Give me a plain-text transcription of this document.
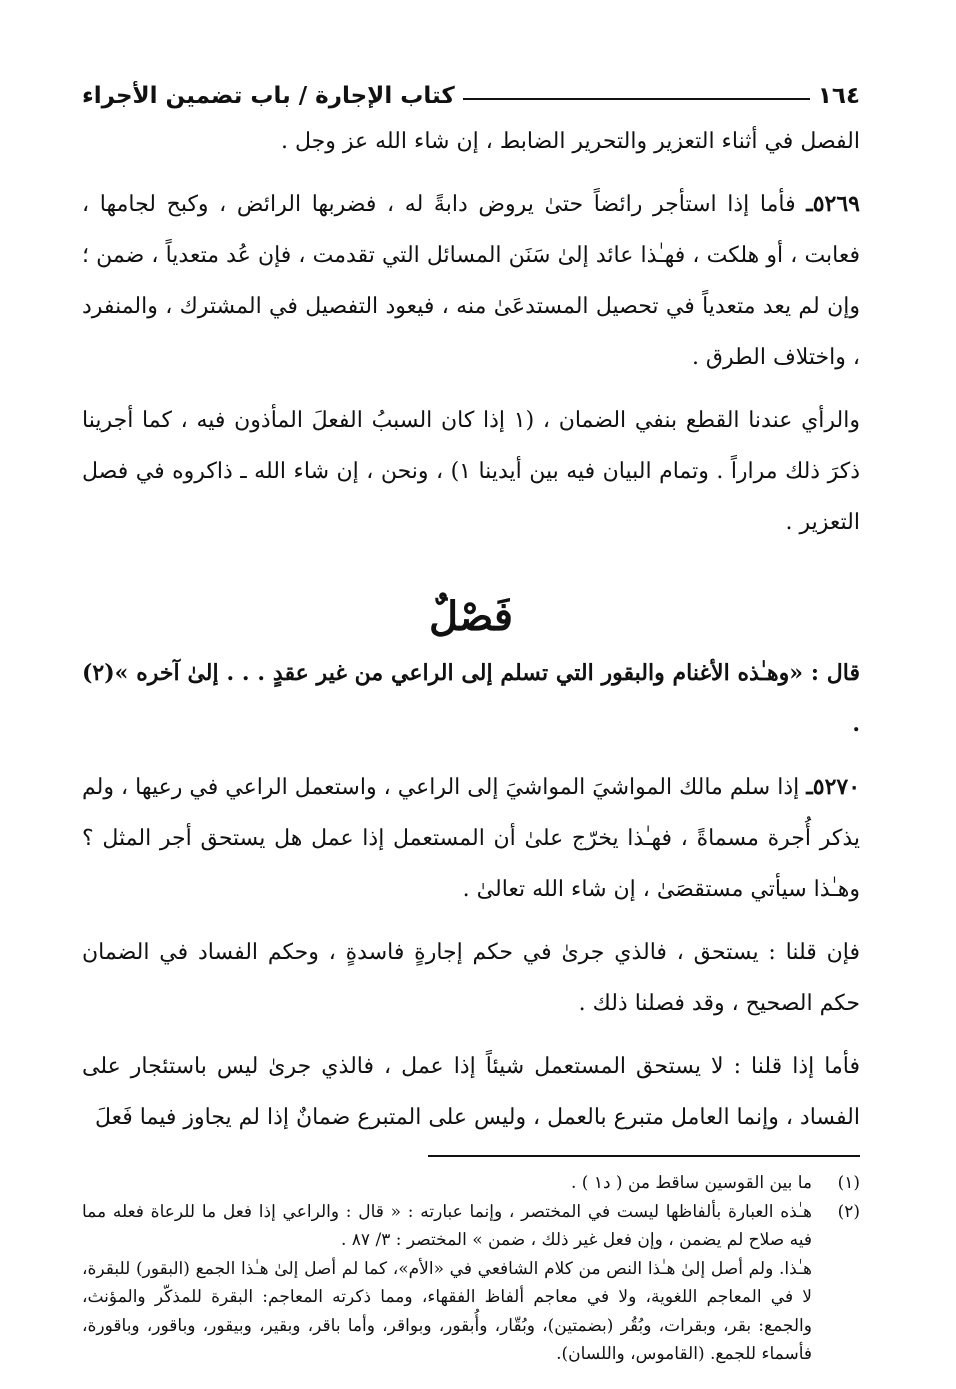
١٦٤
كتاب الإجارة / باب تضمين الأجراء

الفصل في أثناء التعزير والتحرير الضابط ، إن شاء الله عز وجل .

٥٢٦٩ـ فأما إذا استأجر رائضاً حتىٰ يروض دابةً له ، فضربها الرائض ، وكبح لجامها ، فعابت ، أو هلكت ، فهـٰذا عائد إلىٰ سَنَن المسائل التي تقدمت ، فإن عُد متعدياً ، ضمن ؛ وإن لم يعد متعدياً في تحصيل المستدعَىٰ منه ، فيعود التفصيل في المشترك ، والمنفرد ، واختلاف الطرق .

والرأي عندنا القطع بنفي الضمان ، (١ إذا كان السببُ الفعلَ المأذون فيه ، كما أجرينا ذكرَ ذلك مراراً . وتمام البيان فيه بين أيدينا ١) ، ونحن ، إن شاء الله ـ ذاكروه في فصل التعزير .

فَصْلٌ

قال : «وهـٰذه الأغنام والبقور التي تسلم إلى الراعي من غير عقدٍ . . . إلىٰ آخره »(٢) .

٥٢٧٠ـ إذا سلم مالك المواشيَ المواشيَ إلى الراعي ، واستعمل الراعي في رعيها ، ولم يذكر أُجرة مسماةً ، فهـٰذا يخرّج علىٰ أن المستعمل إذا عمل هل يستحق أجر المثل ؟ وهـٰذا سيأتي مستقصَىٰ ، إن شاء الله تعالىٰ .

فإن قلنا : يستحق ، فالذي جرىٰ في حكم إجارةٍ فاسدةٍ ، وحكم الفساد في الضمان حكم الصحيح ، وقد فصلنا ذلك .

فأما إذا قلنا : لا يستحق المستعمل شيئاً إذا عمل ، فالذي جرىٰ ليس باستئجار على الفساد ، وإنما العامل متبرع بالعمل ، وليس على المتبرع ضمانٌ إذا لم يجاوز فيما فَعلَ

(١)
ما بين القوسين ساقط من ( د١ ) .

(٢)
هـٰذه العبارة بألفاظها ليست في المختصر ، وإنما عبارته : « قال : والراعي إذا فعل ما للرعاة فعله مما فيه صلاح لم يضمن ، وإن فعل غير ذلك ، ضمن » المختصر : ٣/ ٨٧ .

هـٰذا. ولم أصل إلىٰ هـٰذا النص من كلام الشافعي في «الأم»، كما لم أصل إلىٰ هـٰذا الجمع (البقور) للبقرة، لا في المعاجم اللغوية، ولا في معاجم ألفاظ الفقهاء، ومما ذكرته المعاجم: البقرة للمذكّر والمؤنث، والجمع: بقر، وبقرات، وبُقُر (بضمتين)، وبُقّار، وأُبقور، وبواقر، وأما باقر، وبقير، وبيقور، وباقور، وباقورة، فأسماء للجمع. (القاموس، واللسان).
